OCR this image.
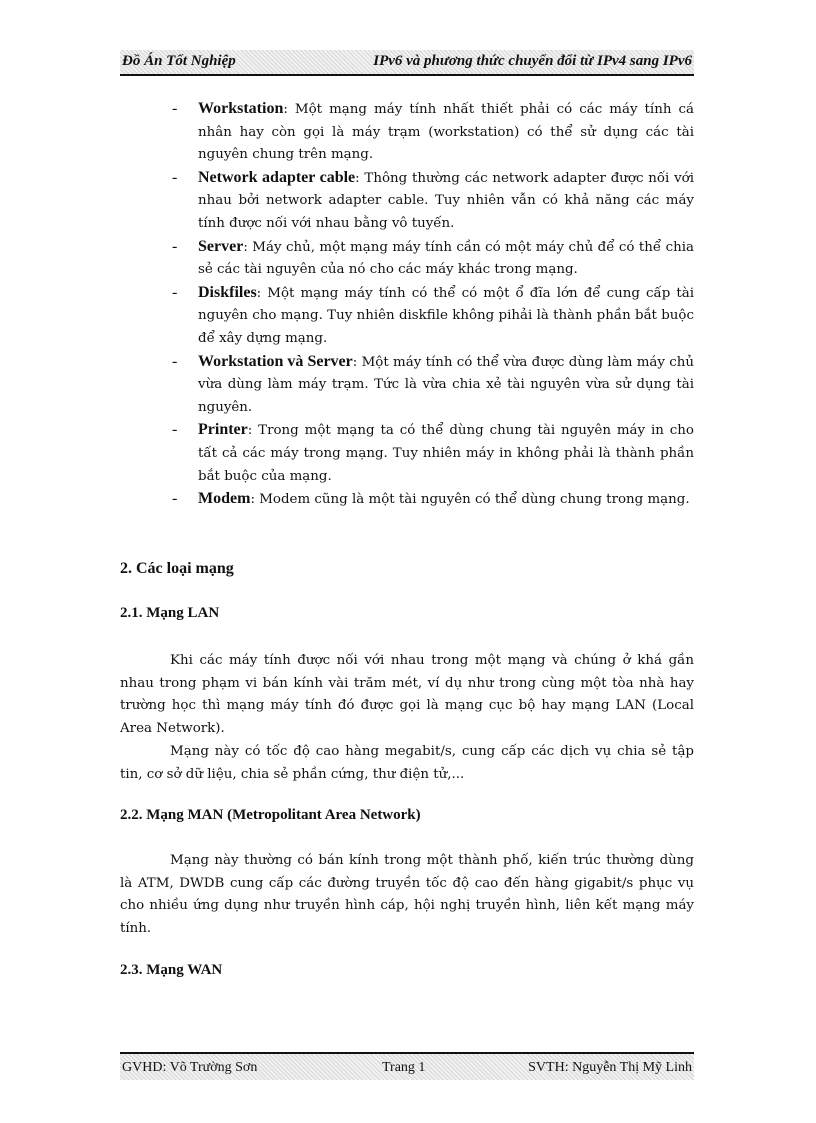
Đồ Án Tốt Nghiệp	IPv6 và phương thức chuyển đổi từ IPv4 sang IPv6
- Workstation: Một mạng máy tính nhất thiết phải có các máy tính cá nhân hay còn gọi là máy trạm (workstation) có thể sử dụng các tài nguyên chung trên mạng.
- Network adapter cable: Thông thường các network adapter được nối với nhau bởi network adapter cable. Tuy nhiên vẫn có khả năng các máy tính được nối với nhau bằng vô tuyến.
- Server: Máy chủ, một mạng máy tính cần có một máy chủ để có thể chia sẻ các tài nguyên của nó cho các máy khác trong mạng.
- Diskfiles: Một mạng máy tính có thể có một ổ đĩa lớn để cung cấp tài nguyên cho mạng. Tuy nhiên diskfile không pihải là thành phần bắt buộc để xây dựng mạng.
- Workstation và Server: Một máy tính có thể vừa được dùng làm máy chủ vừa dùng làm máy trạm. Tức là vừa chia xẻ tài nguyên vừa sử dụng tài nguyên.
- Printer: Trong một mạng ta có thể dùng chung tài nguyên máy in cho tất cả các máy trong mạng. Tuy nhiên máy in không phải là thành phần bắt buộc của mạng.
- Modem: Modem cũng là một tài nguyên có thể dùng chung trong mạng.
2. Các loại mạng
2.1. Mạng LAN

Khi các máy tính được nối với nhau trong một mạng và chúng ở khá gần nhau trong phạm vi bán kính vài trăm mét, ví dụ như trong cùng một tòa nhà hay trường học thì mạng máy tính đó được gọi là mạng cục bộ hay mạng LAN (Local Area Network).

Mạng này có tốc độ cao hàng megabit/s, cung cấp các dịch vụ chia sẻ tập tin, cơ sở dữ liệu, chia sẻ phần cứng, thư điện tử,...

2.2. Mạng MAN (Metropolitant Area Network)

Mạng này thường có bán kính trong một thành phố, kiến trúc thường dùng là ATM, DWDB cung cấp các đường truyền tốc độ cao đến hàng gigabit/s phục vụ cho nhiều ứng dụng như truyền hình cáp, hội nghị truyền hình, liên kết mạng máy tính.

2.3. Mạng WAN
GVHD: Võ Trường Sơn	Trang 1	SVTH: Nguyễn Thị Mỹ Linh
